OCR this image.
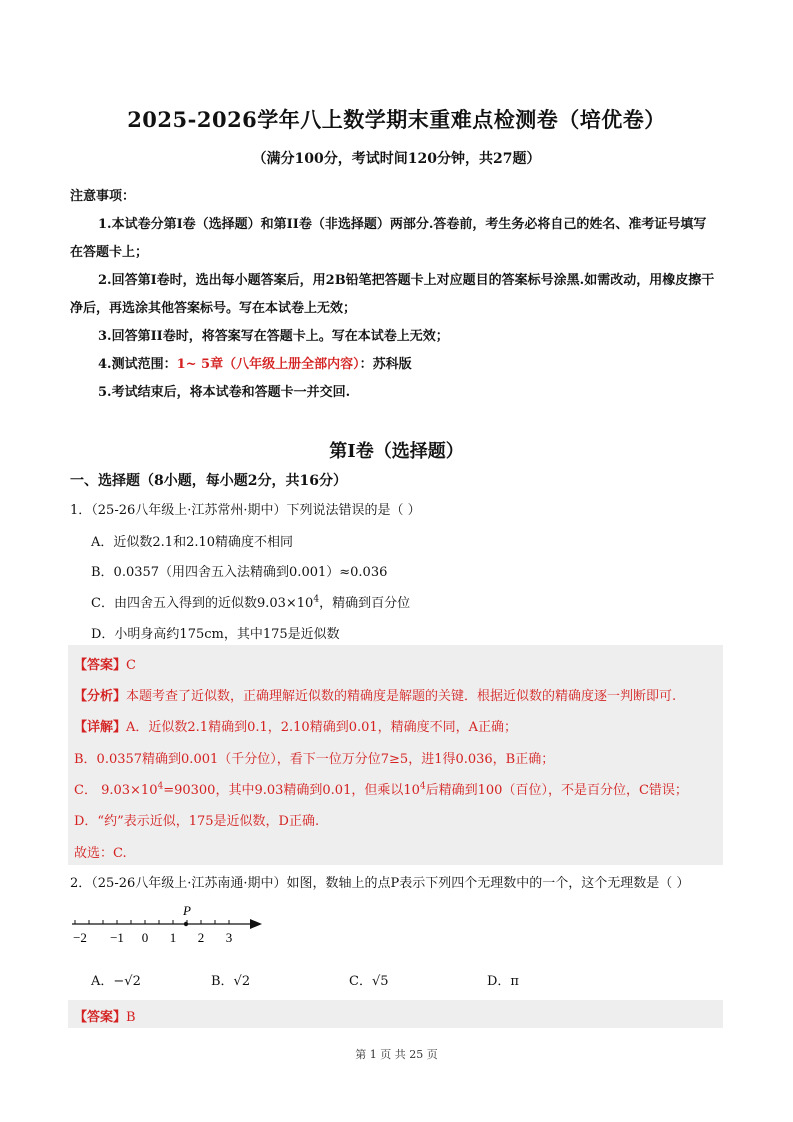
2025-2026学年八上数学期末重难点检测卷（培优卷）
（满分100分，考试时间120分钟，共27题）

注意事项：

1.本试卷分第I卷（选择题）和第II卷（非选择题）两部分.答卷前，考生务必将自己的姓名、准考证号填写

在答题卡上；

2.回答第I卷时，选出每小题答案后，用2B铅笔把答题卡上对应题目的答案标号涂黑.如需改动，用橡皮擦干

净后，再选涂其他答案标号。写在本试卷上无效；

3.回答第II卷时，将答案写在答题卡上。写在本试卷上无效；

4.测试范围：1~ 5章（八年级上册全部内容）：苏科版

5.考试结束后，将本试卷和答题卡一并交回.

第I卷（选择题）
一、选择题（8小题，每小题2分，共16分）
1．（25-26八年级上·江苏常州·期中）下列说法错误的是（ ）
A．近似数2.1和2.10精确度不相同
B．0.0357（用四舍五入法精确到0.001）≈0.036
C．由四舍五入得到的近似数$9.03\times 10^4$，精确到百分位
D．小明身高约175cm，其中175是近似数
【答案】C
【分析】本题考查了近似数，正确理解近似数的精确度是解题的关键．根据近似数的精确度逐一判断即可.
【详解】A．近似数2.1精确到0.1，2.10精确到0.01，精确度不同，A正确；
B．0.0357精确到0.001（千分位），看下一位万分位7≥5，进1得0.036，B正确；
C． $9.03\times 10^4=90300$，其中9.03精确到0.01，但乘以$10^4$后精确到100（百位），不是百分位，C错误；
D．“约”表示近似，175是近似数，D正确.
故选：C.
2．（25-26八年级上·江苏南通·期中）如图，数轴上的点P表示下列四个无理数中的一个，这个无理数是（ ）
P
−2 −1 0 1 2 3
A．−√2	B．√2	C．√5	D．π
【答案】B
第 1 页 共 25 页
